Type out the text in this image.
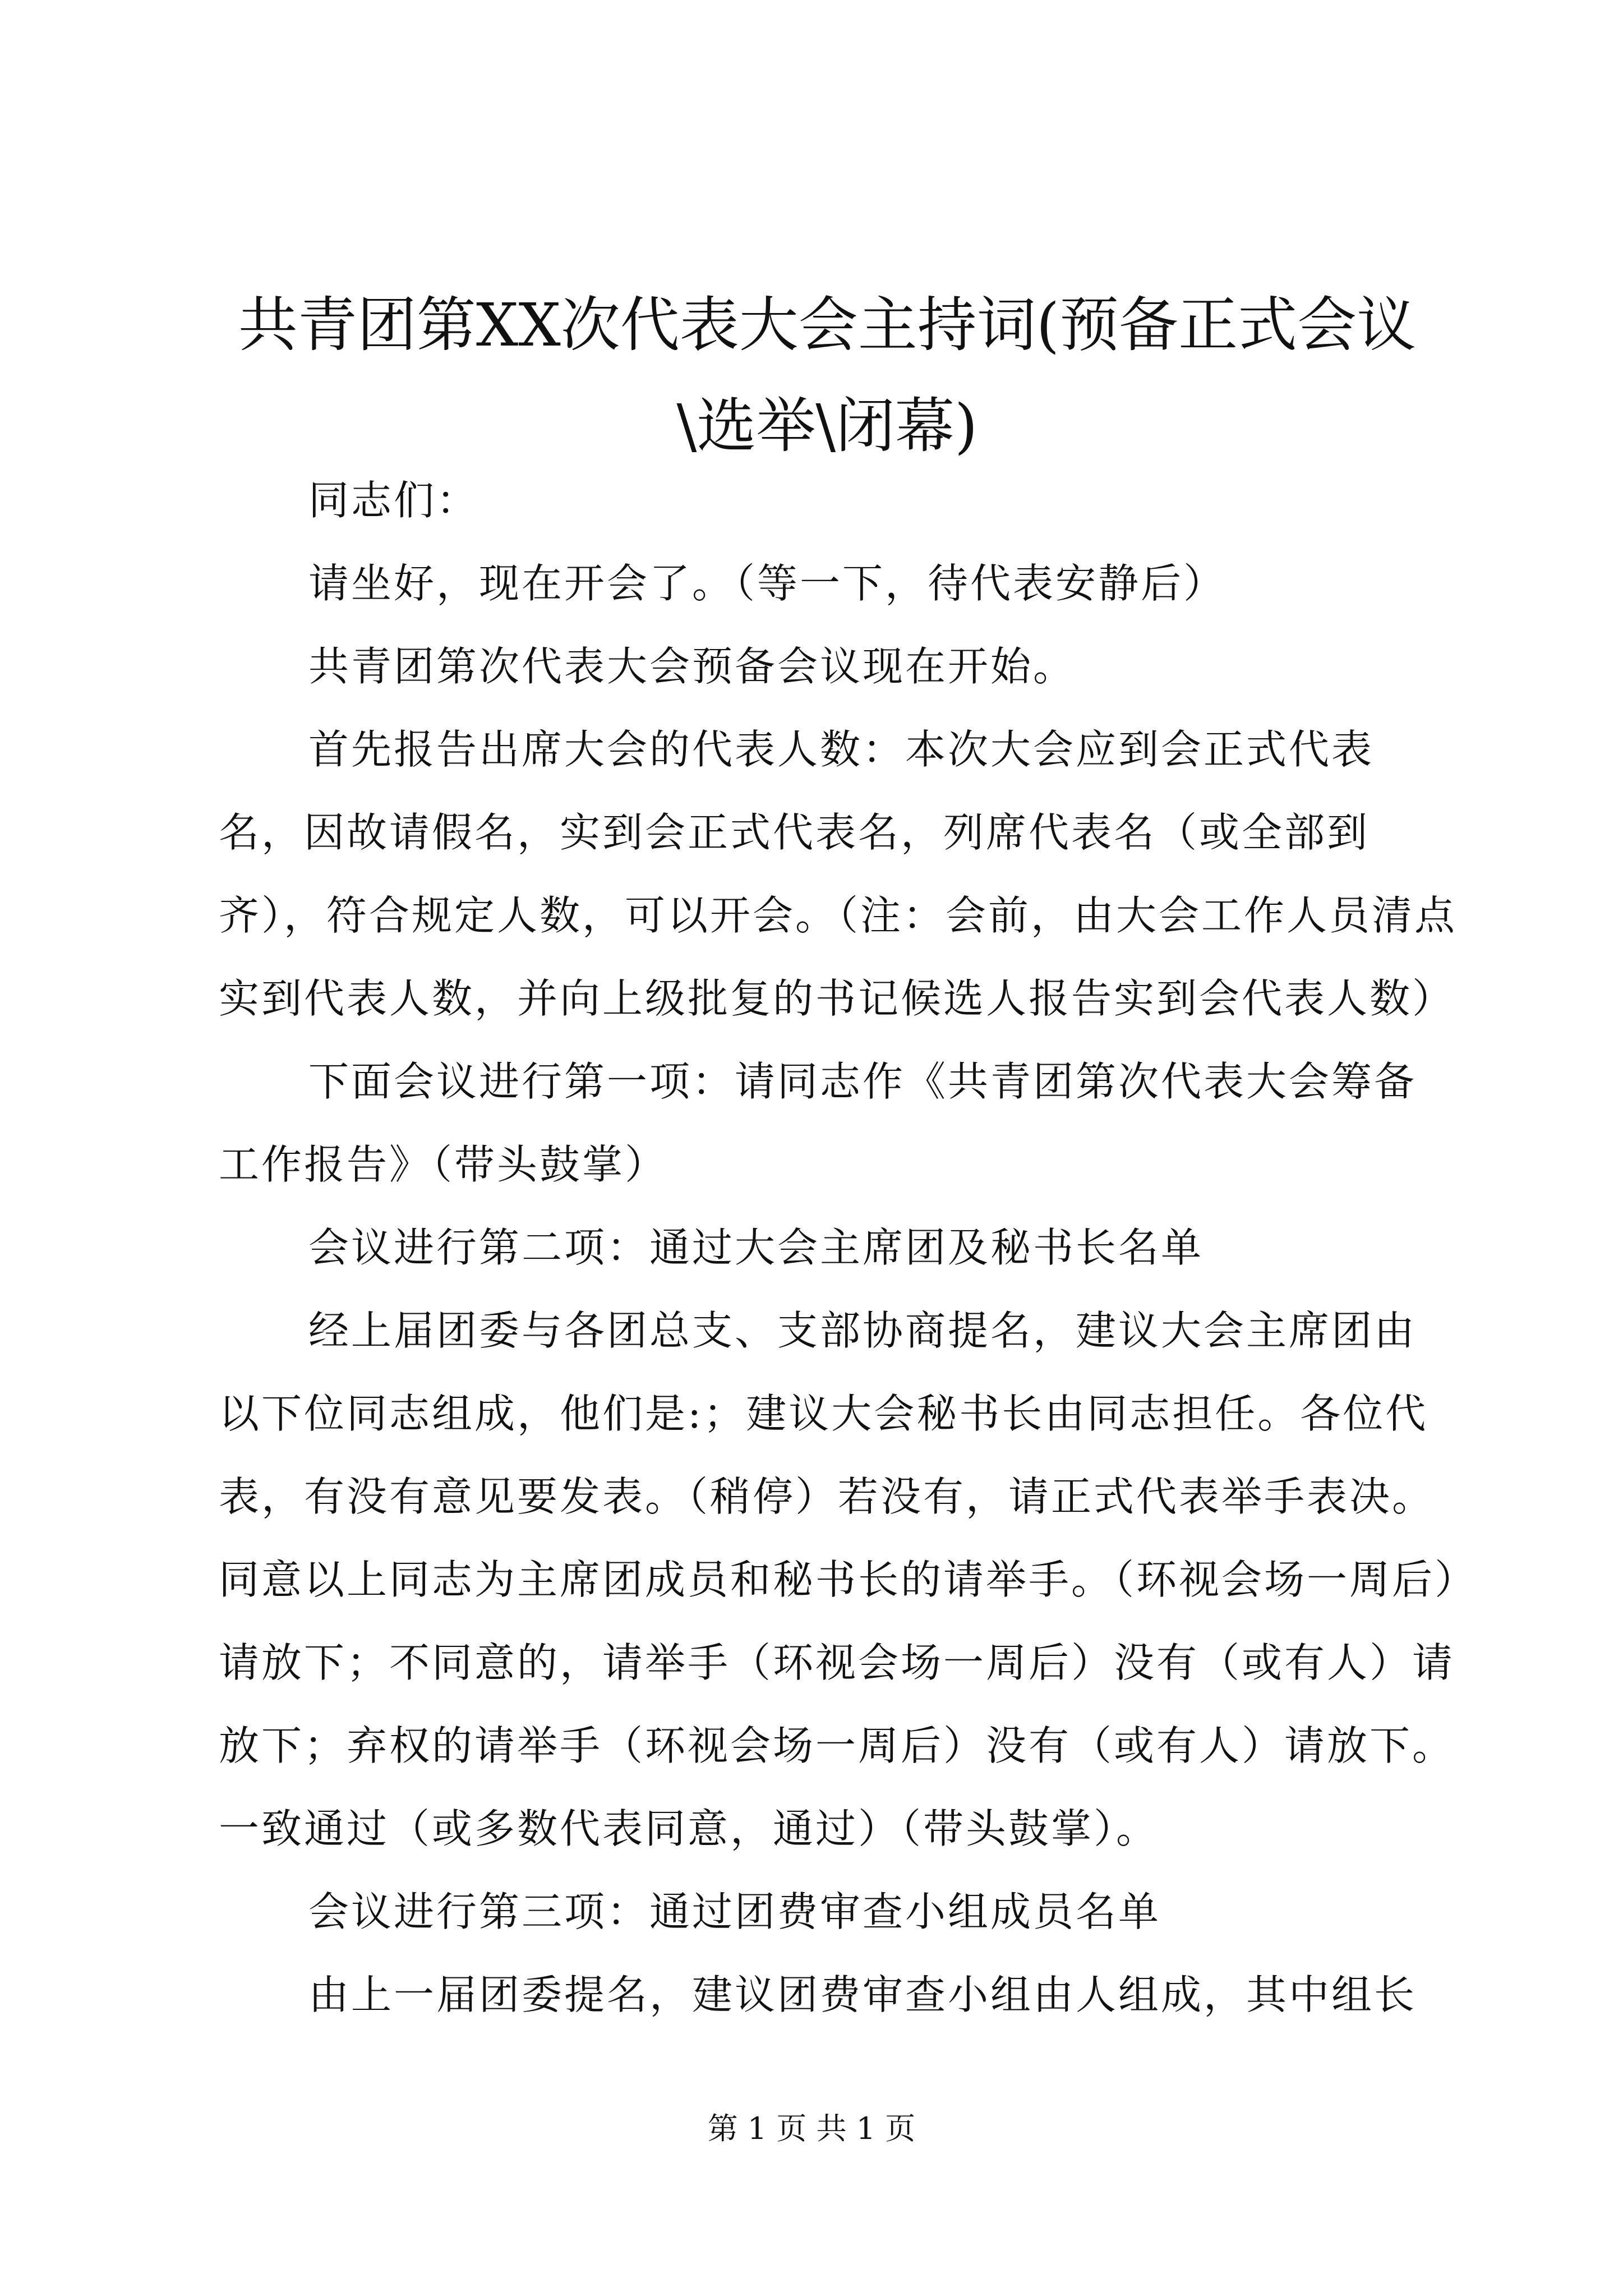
共青团第XX次代表大会主持词(预备正式会议\选举\闭幕)

同志们：

请坐好，现在开会了。（等一下，待代表安静后）

共青团第次代表大会预备会议现在开始。

首先报告出席大会的代表人数：本次大会应到会正式代表名，因故请假名，实到会正式代表名，列席代表名（或全部到齐），符合规定人数，可以开会。（注：会前，由大会工作人员清点实到代表人数，并向上级批复的书记候选人报告实到会代表人数）

下面会议进行第一项：请同志作《共青团第次代表大会筹备工作报告》（带头鼓掌）

会议进行第二项：通过大会主席团及秘书长名单

经上届团委与各团总支、支部协商提名，建议大会主席团由以下位同志组成，他们是:；建议大会秘书长由同志担任。各位代表，有没有意见要发表。（稍停）若没有，请正式代表举手表决。同意以上同志为主席团成员和秘书长的请举手。（环视会场一周后）请放下；不同意的，请举手（环视会场一周后）没有（或有人）请放下；弃权的请举手（环视会场一周后）没有（或有人）请放下。一致通过（或多数代表同意，通过）（带头鼓掌）。

会议进行第三项：通过团费审查小组成员名单

由上一届团委提名，建议团费审查小组由人组成，其中组长

第 1 页 共 1 页
